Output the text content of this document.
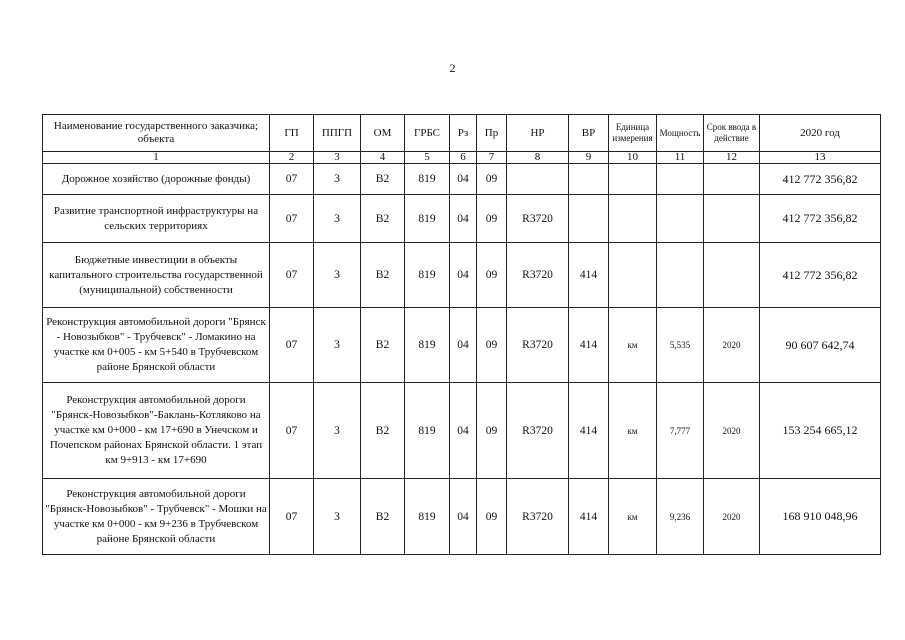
2
Наименование государственного заказчика; объекта	ГП	ППГП	ОМ	ГРБС	Рз	Пр	НР	ВР	Единица измерения	Мощность	Срок ввода в действие	2020 год
1	2	3	4	5	6	7	8	9	10	11	12	13
Дорожное хозяйство (дорожные фонды)	07	3	В2	819	04	09						412 772 356,82
Развитие транспортной инфраструктуры на сельских территориях	07	3	В2	819	04	09	R3720					412 772 356,82
Бюджетные инвестиции в объекты капитального строительства государственной (муниципальной) собственности	07	3	В2	819	04	09	R3720	414				412 772 356,82
Реконструкция автомобильной дороги "Брянск - Новозыбков" - Трубчевск" - Ломакино на участке км 0+005 - км 5+540 в Трубчевском районе Брянской области	07	3	В2	819	04	09	R3720	414	км	5,535	2020	90 607 642,74
Реконструкция автомобильной дороги "Брянск-Новозыбков"-Баклань-Котляково на участке км 0+000 - км 17+690 в Унечском и Почепском районах Брянской области. 1 этап км 9+913 - км 17+690	07	3	В2	819	04	09	R3720	414	км	7,777	2020	153 254 665,12
Реконструкция автомобильной дороги "Брянск-Новозыбков" - Трубчевск" - Мошки на участке км 0+000 - км 9+236 в Трубчевском районе Брянской области	07	3	В2	819	04	09	R3720	414	км	9,236	2020	168 910 048,96
